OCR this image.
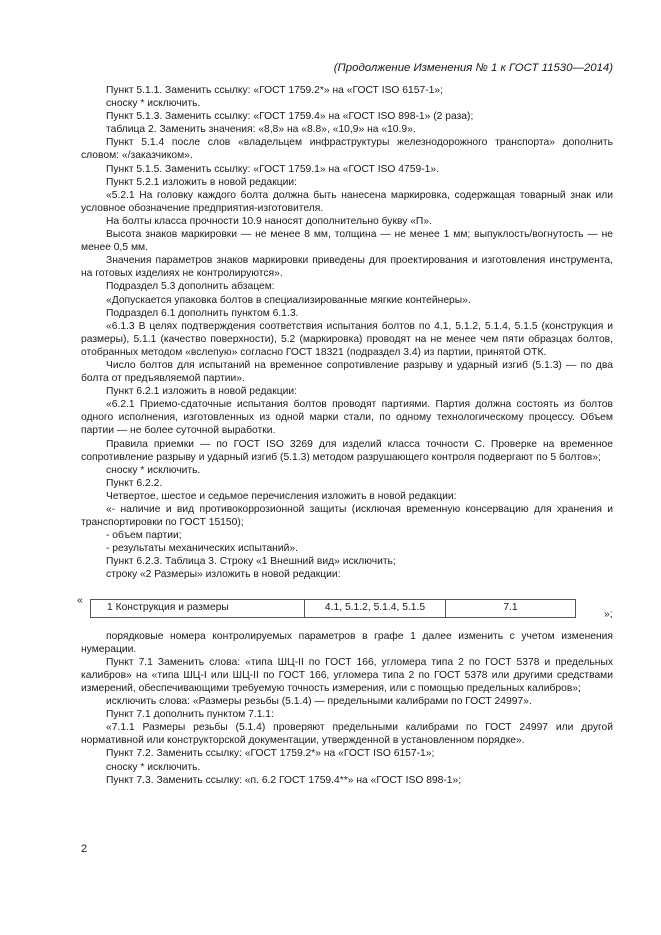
(Продолжение Изменения № 1 к ГОСТ 11530—2014)

Пункт 5.1.1. Заменить ссылку: «ГОСТ 1759.2*» на «ГОСТ ISO 6157-1»;

сноску * исключить.

Пункт 5.1.3. Заменить ссылку: «ГОСТ 1759.4» на «ГОСТ ISO 898-1» (2 раза);

таблица 2. Заменить значения: «8,8» на «8.8», «10,9» на «10.9».

Пункт 5.1.4 после слов «владельцем инфраструктуры железнодорожного транспорта» дополнить словом: «/заказчиком».

Пункт 5.1.5. Заменить ссылку: «ГОСТ 1759.1» на «ГОСТ ISO 4759-1».

Пункт 5.2.1 изложить в новой редакции:

«5.2.1 На головку каждого болта должна быть нанесена маркировка, содержащая товарный знак или условное обозначение предприятия-изготовителя.

На болты класса прочности 10.9 наносят дополнительно букву «П».

Высота знаков маркировки — не менее 8 мм, толщина — не менее 1 мм; выпуклость/вогнутость — не менее 0,5 мм.

Значения параметров знаков маркировки приведены для проектирования и изготовления инструмента, на готовых изделиях не контролируются».

Подраздел 5.3 дополнить абзацем:

«Допускается упаковка болтов в специализированные мягкие контейнеры».

Подраздел 6.1 дополнить пунктом 6.1.3.

«6.1.3 В целях подтверждения соответствия испытания болтов по 4.1, 5.1.2, 5.1.4, 5.1.5 (конструкция и размеры), 5.1.1 (качество поверхности), 5.2 (маркировка) проводят на не менее чем пяти образцах болтов, отобранных методом «вслепую» согласно ГОСТ 18321 (подраздел 3.4) из партии, принятой ОТК.

Число болтов для испытаний на временное сопротивление разрыву и ударный изгиб (5.1.3) — по два болта от предъявляемой партии».

Пункт 6.2.1 изложить в новой редакции:

«6.2.1 Приемо-сдаточные испытания болтов проводят партиями. Партия должна состоять из болтов одного исполнения, изготовленных из одной марки стали, по одному технологическому процессу. Объем партии — не более суточной выработки.

Правила приемки — по ГОСТ ISO 3269 для изделий класса точности С. Проверке на временное сопротивление разрыву и ударный изгиб (5.1.3) методом разрушающего контроля подвергают по 5 болтов»;

сноску * исключить.

Пункт 6.2.2.

Четвертое, шестое и седьмое перечисления изложить в новой редакции:

«- наличие и вид противокоррозионной защиты (исключая временную консервацию для хранения и транспортировки по ГОСТ 15150);

- объем партии;

- результаты механических испытаний».

Пункт 6.2.3. Таблица 3. Строку «1 Внешний вид» исключить;

строку «2 Размеры» изложить в новой редакции:

«
1 Конструкция и размеры	4.1, 5.1.2, 5.1.4, 5.1.5	7.1
»;

порядковые номера контролируемых параметров в графе 1 далее изменить с учетом изменения нумерации.

Пункт 7.1 Заменить слова: «типа ШЦ-II по ГОСТ 166, угломера типа 2 по ГОСТ 5378 и предельных калибров» на «типа ШЦ-I или ШЦ-II по ГОСТ 166, угломера типа 2 по ГОСТ 5378 или другими средствами измерений, обеспечивающими требуемую точность измерения, или с помощью предельных калибров»;

исключить слова: «Размеры резьбы (5.1.4) — предельными калибрами по ГОСТ 24997».

Пункт 7.1 дополнить пунктом 7.1.1:

«7.1.1 Размеры резьбы (5.1.4) проверяют предельными калибрами по ГОСТ 24997 или другой нормативной или конструкторской документации, утвержденной в установленном порядке».

Пункт 7.2. Заменить ссылку: «ГОСТ 1759.2*» на «ГОСТ ISO 6157-1»;

сноску * исключить.

Пункт 7.3. Заменить ссылку: «п. 6.2 ГОСТ 1759.4**» на «ГОСТ ISO 898-1»;

2
